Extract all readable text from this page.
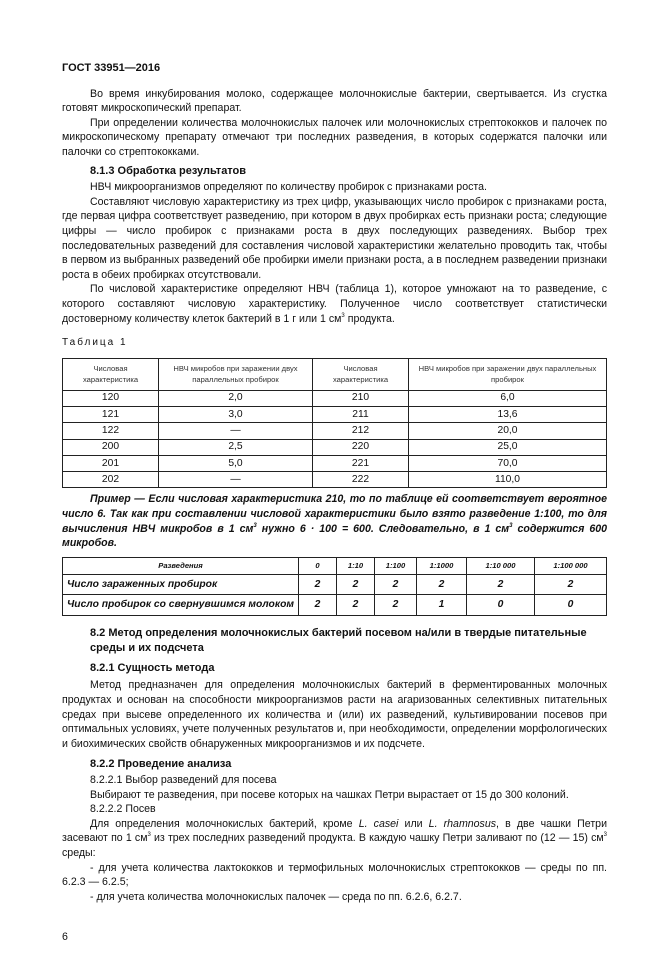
ГОСТ 33951—2016

Во время инкубирования молоко, содержащее молочнокислые бактерии, свертывается. Из сгустка готовят микроскопический препарат.

При определении количества молочнокислых палочек или молочнокислых стрептококков и палочек по микроскопическому препарату отмечают три последних разведения, в которых содержатся палочки или палочки со стрептококками.

8.1.3 Обработка результатов

НВЧ микроорганизмов определяют по количеству пробирок с признаками роста.

Составляют числовую характеристику из трех цифр, указывающих число пробирок с признаками роста, где первая цифра соответствует разведению, при котором в двух пробирках есть признаки роста; следующие цифры — число пробирок с признаками роста в двух последующих разведениях. Выбор трех последовательных разведений для составления числовой характеристики желательно проводить так, чтобы в первом из выбранных разведений обе пробирки имели признаки роста, а в последнем разведении признаки роста в обеих пробирках отсутствовали.

По числовой характеристике определяют НВЧ (таблица 1), которое умножают на то разведение, с которого составляют числовую характеристику. Полученное число соответствует статистически достоверному количеству клеток бактерий в 1 г или 1 $см^3$ продукта.

Таблица 1
Числовая характеристика	НВЧ микробов при заражении двух параллельных пробирок	Числовая характеристика	НВЧ микробов при заражении двух параллельных пробирок
120	2,0	210	6,0
121	3,0	211	13,6
122	—	212	20,0
200	2,5	220	25,0
201	5,0	221	70,0
202	—	222	110,0

Пример — Если числовая характеристика 210, то по таблице ей соответствует вероятное число 6. Так как при составлении числовой характеристики было взято разведение 1:100, то для вычисления НВЧ микробов в 1 $см^3$ нужно 6 · 100 = 600. Следовательно, в 1 $см^3$ содержится 600 микробов.

Разведения	0	1:10	1:100	1:1000	1:10 000	1:100 000
Число зараженных пробирок	2	2	2	2	2	2
Число пробирок со свернувшимся молоком	2	2	2	1	0	0
8.2 Метод определения молочнокислых бактерий посевом на/или в твердые питательные среды и их подсчета
8.2.1 Сущность метода

Метод предназначен для определения молочнокислых бактерий в ферментированных молочных продуктах и основан на способности микроорганизмов расти на агаризованных селективных питательных средах при высеве определенного их количества и (или) их разведений, культивировании посевов при оптимальных условиях, учете полученных результатов и, при необходимости, определении морфологических и биохимических свойств обнаруженных микроорганизмов и их подсчете.

8.2.2 Проведение анализа

8.2.2.1 Выбор разведений для посева

Выбирают те разведения, при посеве которых на чашках Петри вырастает от 15 до 300 колоний.

8.2.2.2 Посев

Для определения молочнокислых бактерий, кроме L. casei или L. rhamnosus, в две чашки Петри засевают по 1 $см^3$ из трех последних разведений продукта. В каждую чашку Петри заливают по (12 — 15) $см^3$ среды:

- для учета количества лактококков и термофильных молочнокислых стрептококков — среды по пп. 6.2.3 — 6.2.5;

- для учета количества молочнокислых палочек — среда по пп. 6.2.6, 6.2.7.

6
